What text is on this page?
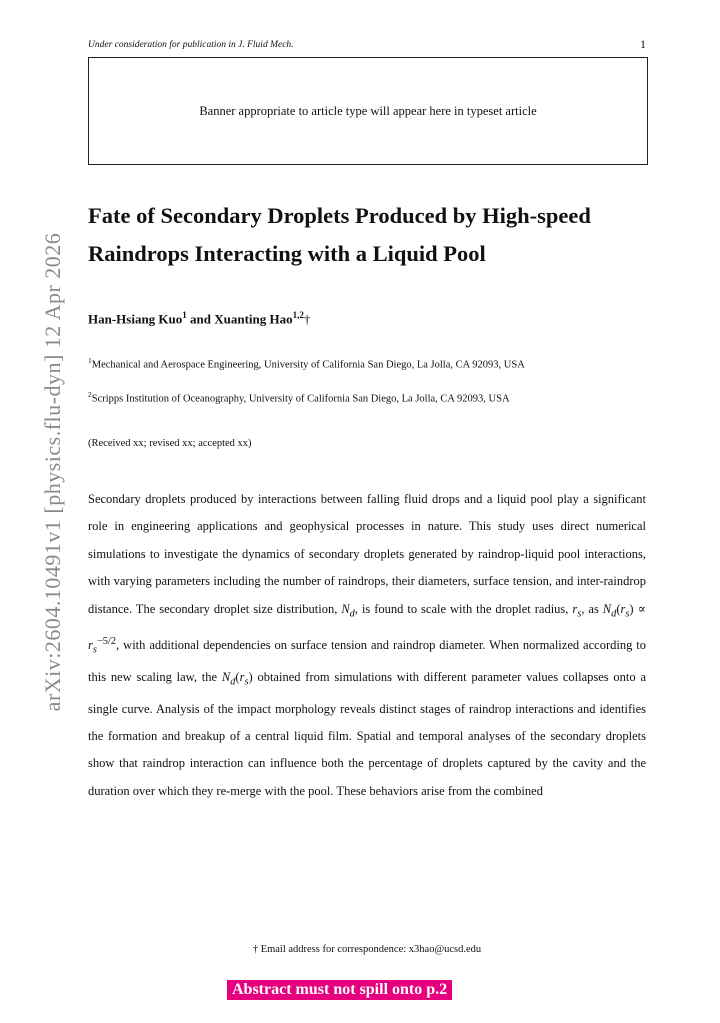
Under consideration for publication in J. Fluid Mech.	1
Banner appropriate to article type will appear here in typeset article
arXiv:2604.10491v1 [physics.flu-dyn] 12 Apr 2026
Fate of Secondary Droplets Produced by High-speed Raindrops Interacting with a Liquid Pool
Han-Hsiang Kuo$^1$ and Xuanting Hao$^{1,2}$†
$^1$Mechanical and Aerospace Engineering, University of California San Diego, La Jolla, CA 92093, USA
$^2$Scripps Institution of Oceanography, University of California San Diego, La Jolla, CA 92093, USA
(Received xx; revised xx; accepted xx)

Secondary droplets produced by interactions between falling fluid drops and a liquid pool play a significant role in engineering applications and geophysical processes in nature. This study uses direct numerical simulations to investigate the dynamics of secondary droplets generated by raindrop-liquid pool interactions, with varying parameters including the number of raindrops, their diameters, surface tension, and inter-raindrop distance. The secondary droplet size distribution, $N_d$, is found to scale with the droplet radius, $r_s$, as $N_d(r_s) \propto r_s^{-5/2}$, with additional dependencies on surface tension and raindrop diameter. When normalized according to this new scaling law, the $N_d(r_s)$ obtained from simulations with different parameter values collapses onto a single curve. Analysis of the impact morphology reveals distinct stages of raindrop interactions and identifies the formation and breakup of a central liquid film. Spatial and temporal analyses of the secondary droplets show that raindrop interaction can influence both the percentage of droplets captured by the cavity and the duration over which they re-merge with the pool. These behaviors arise from the combined

† Email address for correspondence: x3hao@ucsd.edu
Abstract must not spill onto p.2
